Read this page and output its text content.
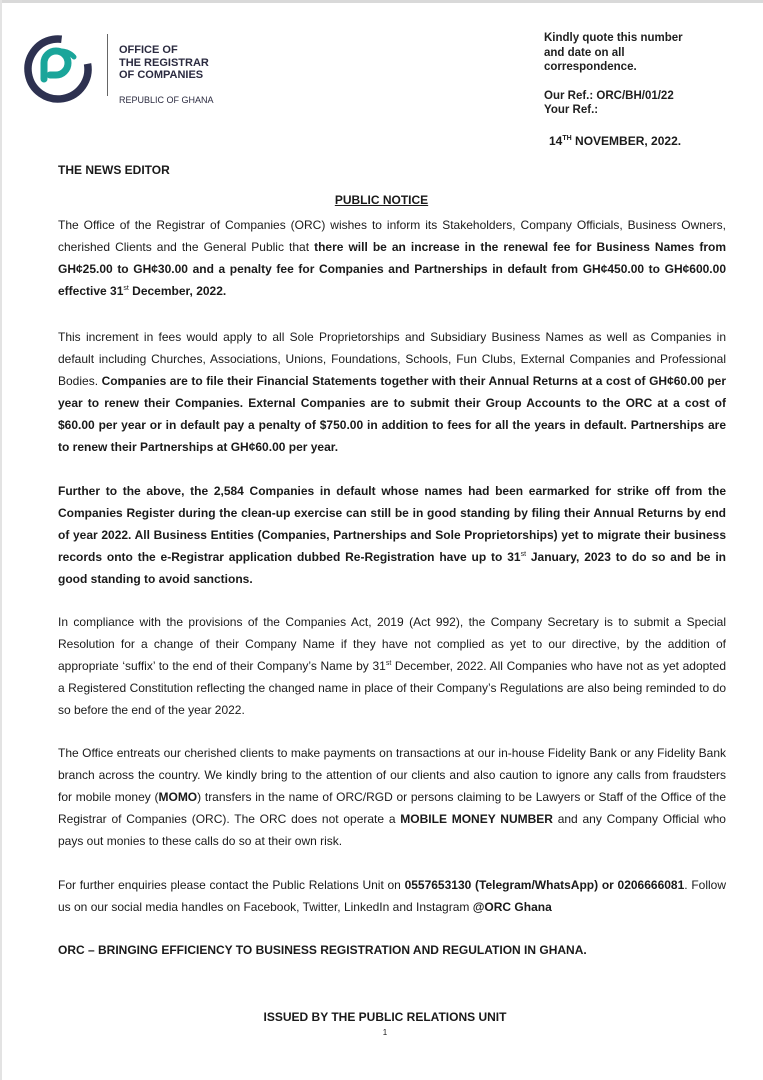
OFFICE OF
THE REGISTRAR
OF COMPANIES
REPUBLIC OF GHANA
Kindly quote this number
and date on all
correspondence.
Our Ref.: ORC/BH/01/22
Your Ref.:
14TH NOVEMBER, 2022.
THE NEWS EDITOR
PUBLIC NOTICE
The Office of the Registrar of Companies (ORC) wishes to inform its Stakeholders, Company Officials, Business Owners, cherished Clients and the General Public that there will be an increase in the renewal fee for Business Names from GH¢25.00 to GH¢30.00 and a penalty fee for Companies and Partnerships in default from GH¢450.00 to GH¢600.00 effective 31st December, 2022.
This increment in fees would apply to all Sole Proprietorships and Subsidiary Business Names as well as Companies in default including Churches, Associations, Unions, Foundations, Schools, Fun Clubs, External Companies and Professional Bodies. Companies are to file their Financial Statements together with their Annual Returns at a cost of GH¢60.00 per year to renew their Companies. External Companies are to submit their Group Accounts to the ORC at a cost of $60.00 per year or in default pay a penalty of $750.00 in addition to fees for all the years in default. Partnerships are to renew their Partnerships at GH¢60.00 per year.
Further to the above, the 2,584 Companies in default whose names had been earmarked for strike off from the Companies Register during the clean-up exercise can still be in good standing by filing their Annual Returns by end of year 2022. All Business Entities (Companies, Partnerships and Sole Proprietorships) yet to migrate their business records onto the e-Registrar application dubbed Re-Registration have up to 31st January, 2023 to do so and be in good standing to avoid sanctions.
In compliance with the provisions of the Companies Act, 2019 (Act 992), the Company Secretary is to submit a Special Resolution for a change of their Company Name if they have not complied as yet to our directive, by the addition of appropriate ‘suffix’ to the end of their Company’s Name by 31st December, 2022. All Companies who have not as yet adopted a Registered Constitution reflecting the changed name in place of their Company’s Regulations are also being reminded to do so before the end of the year 2022.
The Office entreats our cherished clients to make payments on transactions at our in-house Fidelity Bank or any Fidelity Bank branch across the country. We kindly bring to the attention of our clients and also caution to ignore any calls from fraudsters for mobile money (MOMO) transfers in the name of ORC/RGD or persons claiming to be Lawyers or Staff of the Office of the Registrar of Companies (ORC). The ORC does not operate a MOBILE MONEY NUMBER and any Company Official who pays out monies to these calls do so at their own risk.
For further enquiries please contact the Public Relations Unit on 0557653130 (Telegram/WhatsApp) or 0206666081. Follow us on our social media handles on Facebook, Twitter, LinkedIn and Instagram @ORC Ghana
ORC – BRINGING EFFICIENCY TO BUSINESS REGISTRATION AND REGULATION IN GHANA.
ISSUED BY THE PUBLIC RELATIONS UNIT
1
